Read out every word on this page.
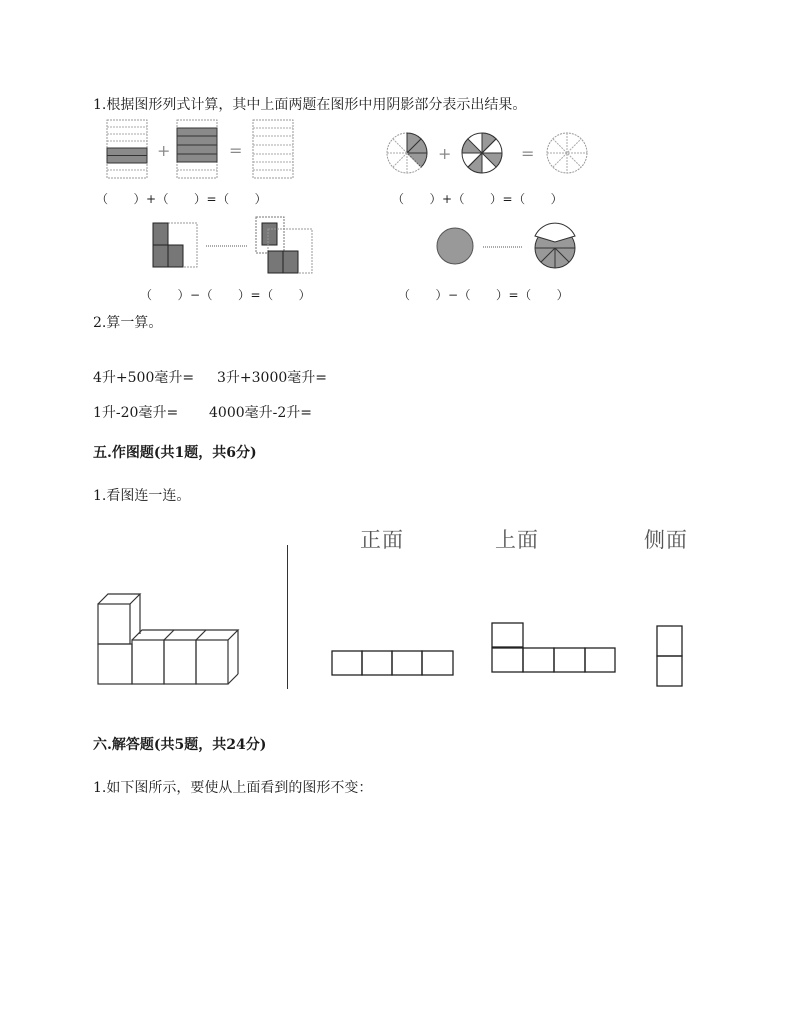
1.根据图形列式计算，其中上面两题在图形中用阴影部分表示出结果。
+	=	+	=
（　　）+（　　）=（　　）	（　　）+（　　）=（　　）
（　　）−（　　）=（　　）	（　　）−（　　）=（　　）
2.算一算。
4升+500毫升= 3升+3000毫升=
1升-20毫升= 4000毫升-2升=
五.作图题(共1题，共6分)
1.看图连一连。
正面	上面	侧面
六.解答题(共5题，共24分)
1.如下图所示，要使从上面看到的图形不变：
